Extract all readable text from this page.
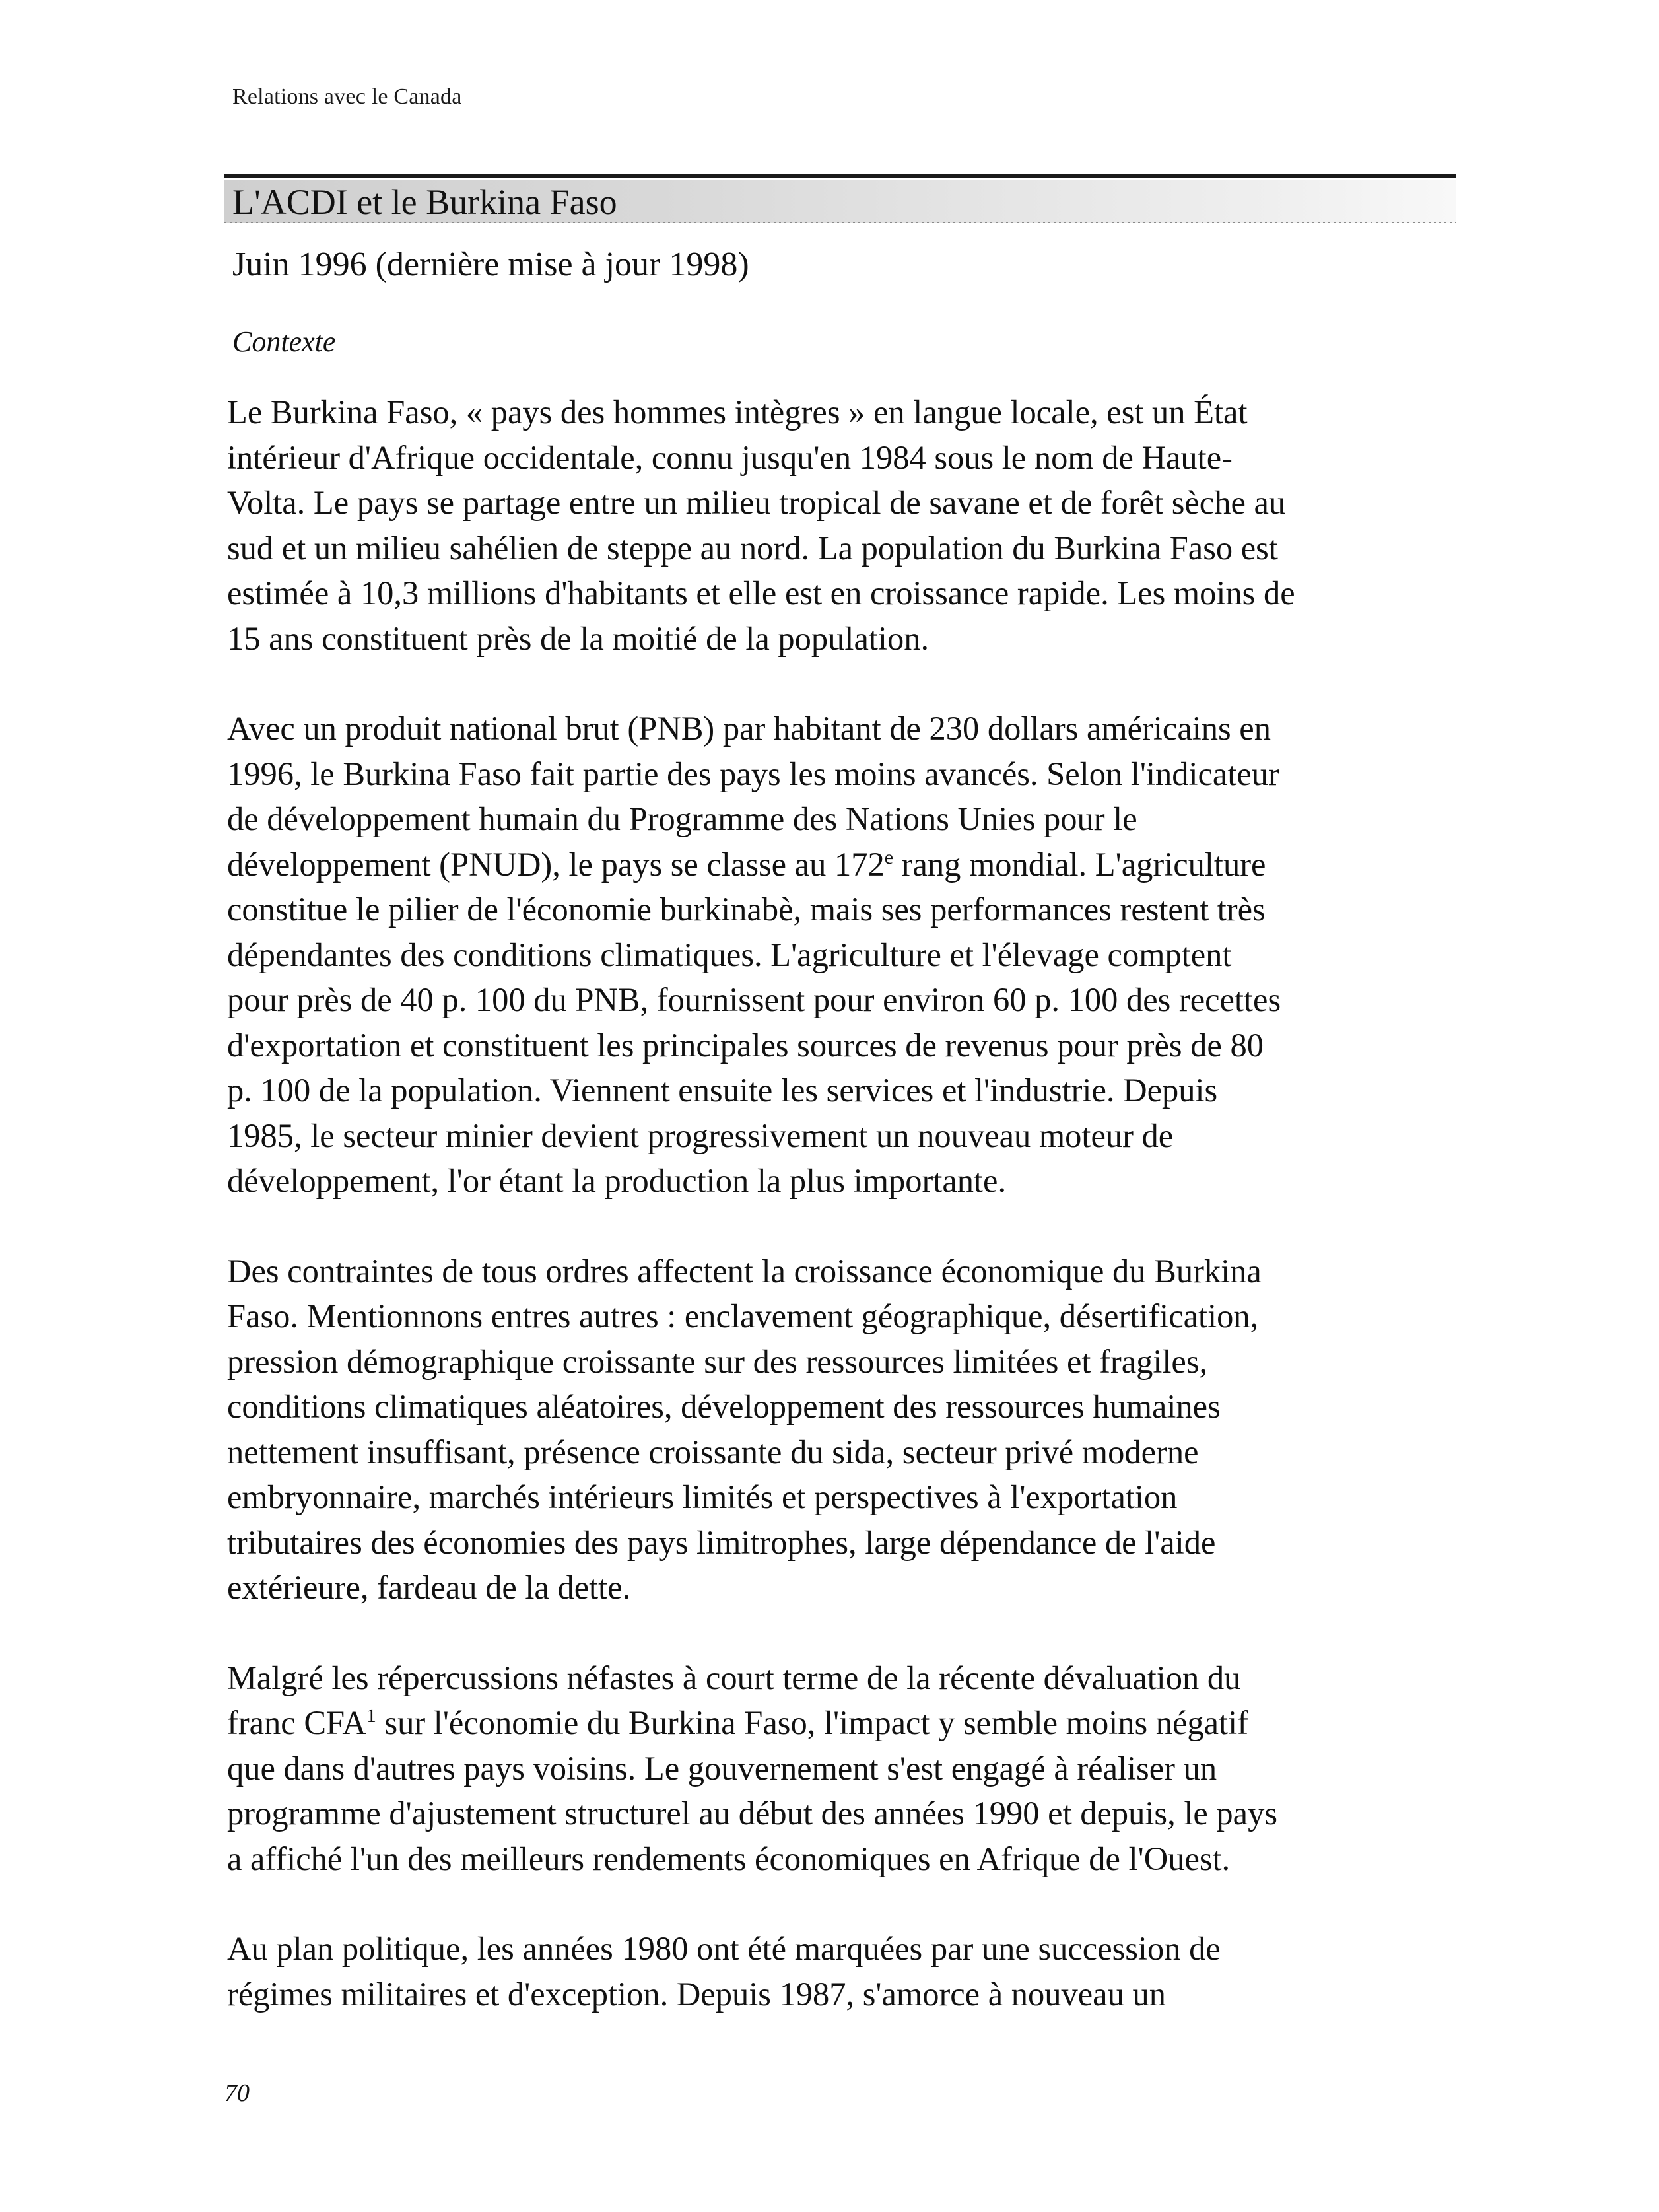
Relations avec le Canada
L'ACDI et le Burkina Faso
Juin 1996 (dernière mise à jour 1998)
Contexte

Le Burkina Faso, « pays des hommes intègres » en langue locale, est un État
intérieur d'Afrique occidentale, connu jusqu'en 1984 sous le nom de Haute-
Volta. Le pays se partage entre un milieu tropical de savane et de forêt sèche au
sud et un milieu sahélien de steppe au nord. La population du Burkina Faso est
estimée à 10,3 millions d'habitants et elle est en croissance rapide. Les moins de
15 ans constituent près de la moitié de la population.

Avec un produit national brut (PNB) par habitant de 230 dollars américains en
1996, le Burkina Faso fait partie des pays les moins avancés. Selon l'indicateur
de développement humain du Programme des Nations Unies pour le
développement (PNUD), le pays se classe au 172e rang mondial. L'agriculture
constitue le pilier de l'économie burkinabè, mais ses performances restent très
dépendantes des conditions climatiques. L'agriculture et l'élevage comptent
pour près de 40 p. 100 du PNB, fournissent pour environ 60 p. 100 des recettes
d'exportation et constituent les principales sources de revenus pour près de 80
p. 100 de la population. Viennent ensuite les services et l'industrie. Depuis
1985, le secteur minier devient progressivement un nouveau moteur de
développement, l'or étant la production la plus importante.

Des contraintes de tous ordres affectent la croissance économique du Burkina
Faso. Mentionnons entres autres : enclavement géographique, désertification,
pression démographique croissante sur des ressources limitées et fragiles,
conditions climatiques aléatoires, développement des ressources humaines
nettement insuffisant, présence croissante du sida, secteur privé moderne
embryonnaire, marchés intérieurs limités et perspectives à l'exportation
tributaires des économies des pays limitrophes, large dépendance de l'aide
extérieure, fardeau de la dette.

Malgré les répercussions néfastes à court terme de la récente dévaluation du
franc CFA$^1$ sur l'économie du Burkina Faso, l'impact y semble moins négatif
que dans d'autres pays voisins. Le gouvernement s'est engagé à réaliser un
programme d'ajustement structurel au début des années 1990 et depuis, le pays
a affiché l'un des meilleurs rendements économiques en Afrique de l'Ouest.

Au plan politique, les années 1980 ont été marquées par une succession de
régimes militaires et d'exception. Depuis 1987, s'amorce à nouveau un

70
